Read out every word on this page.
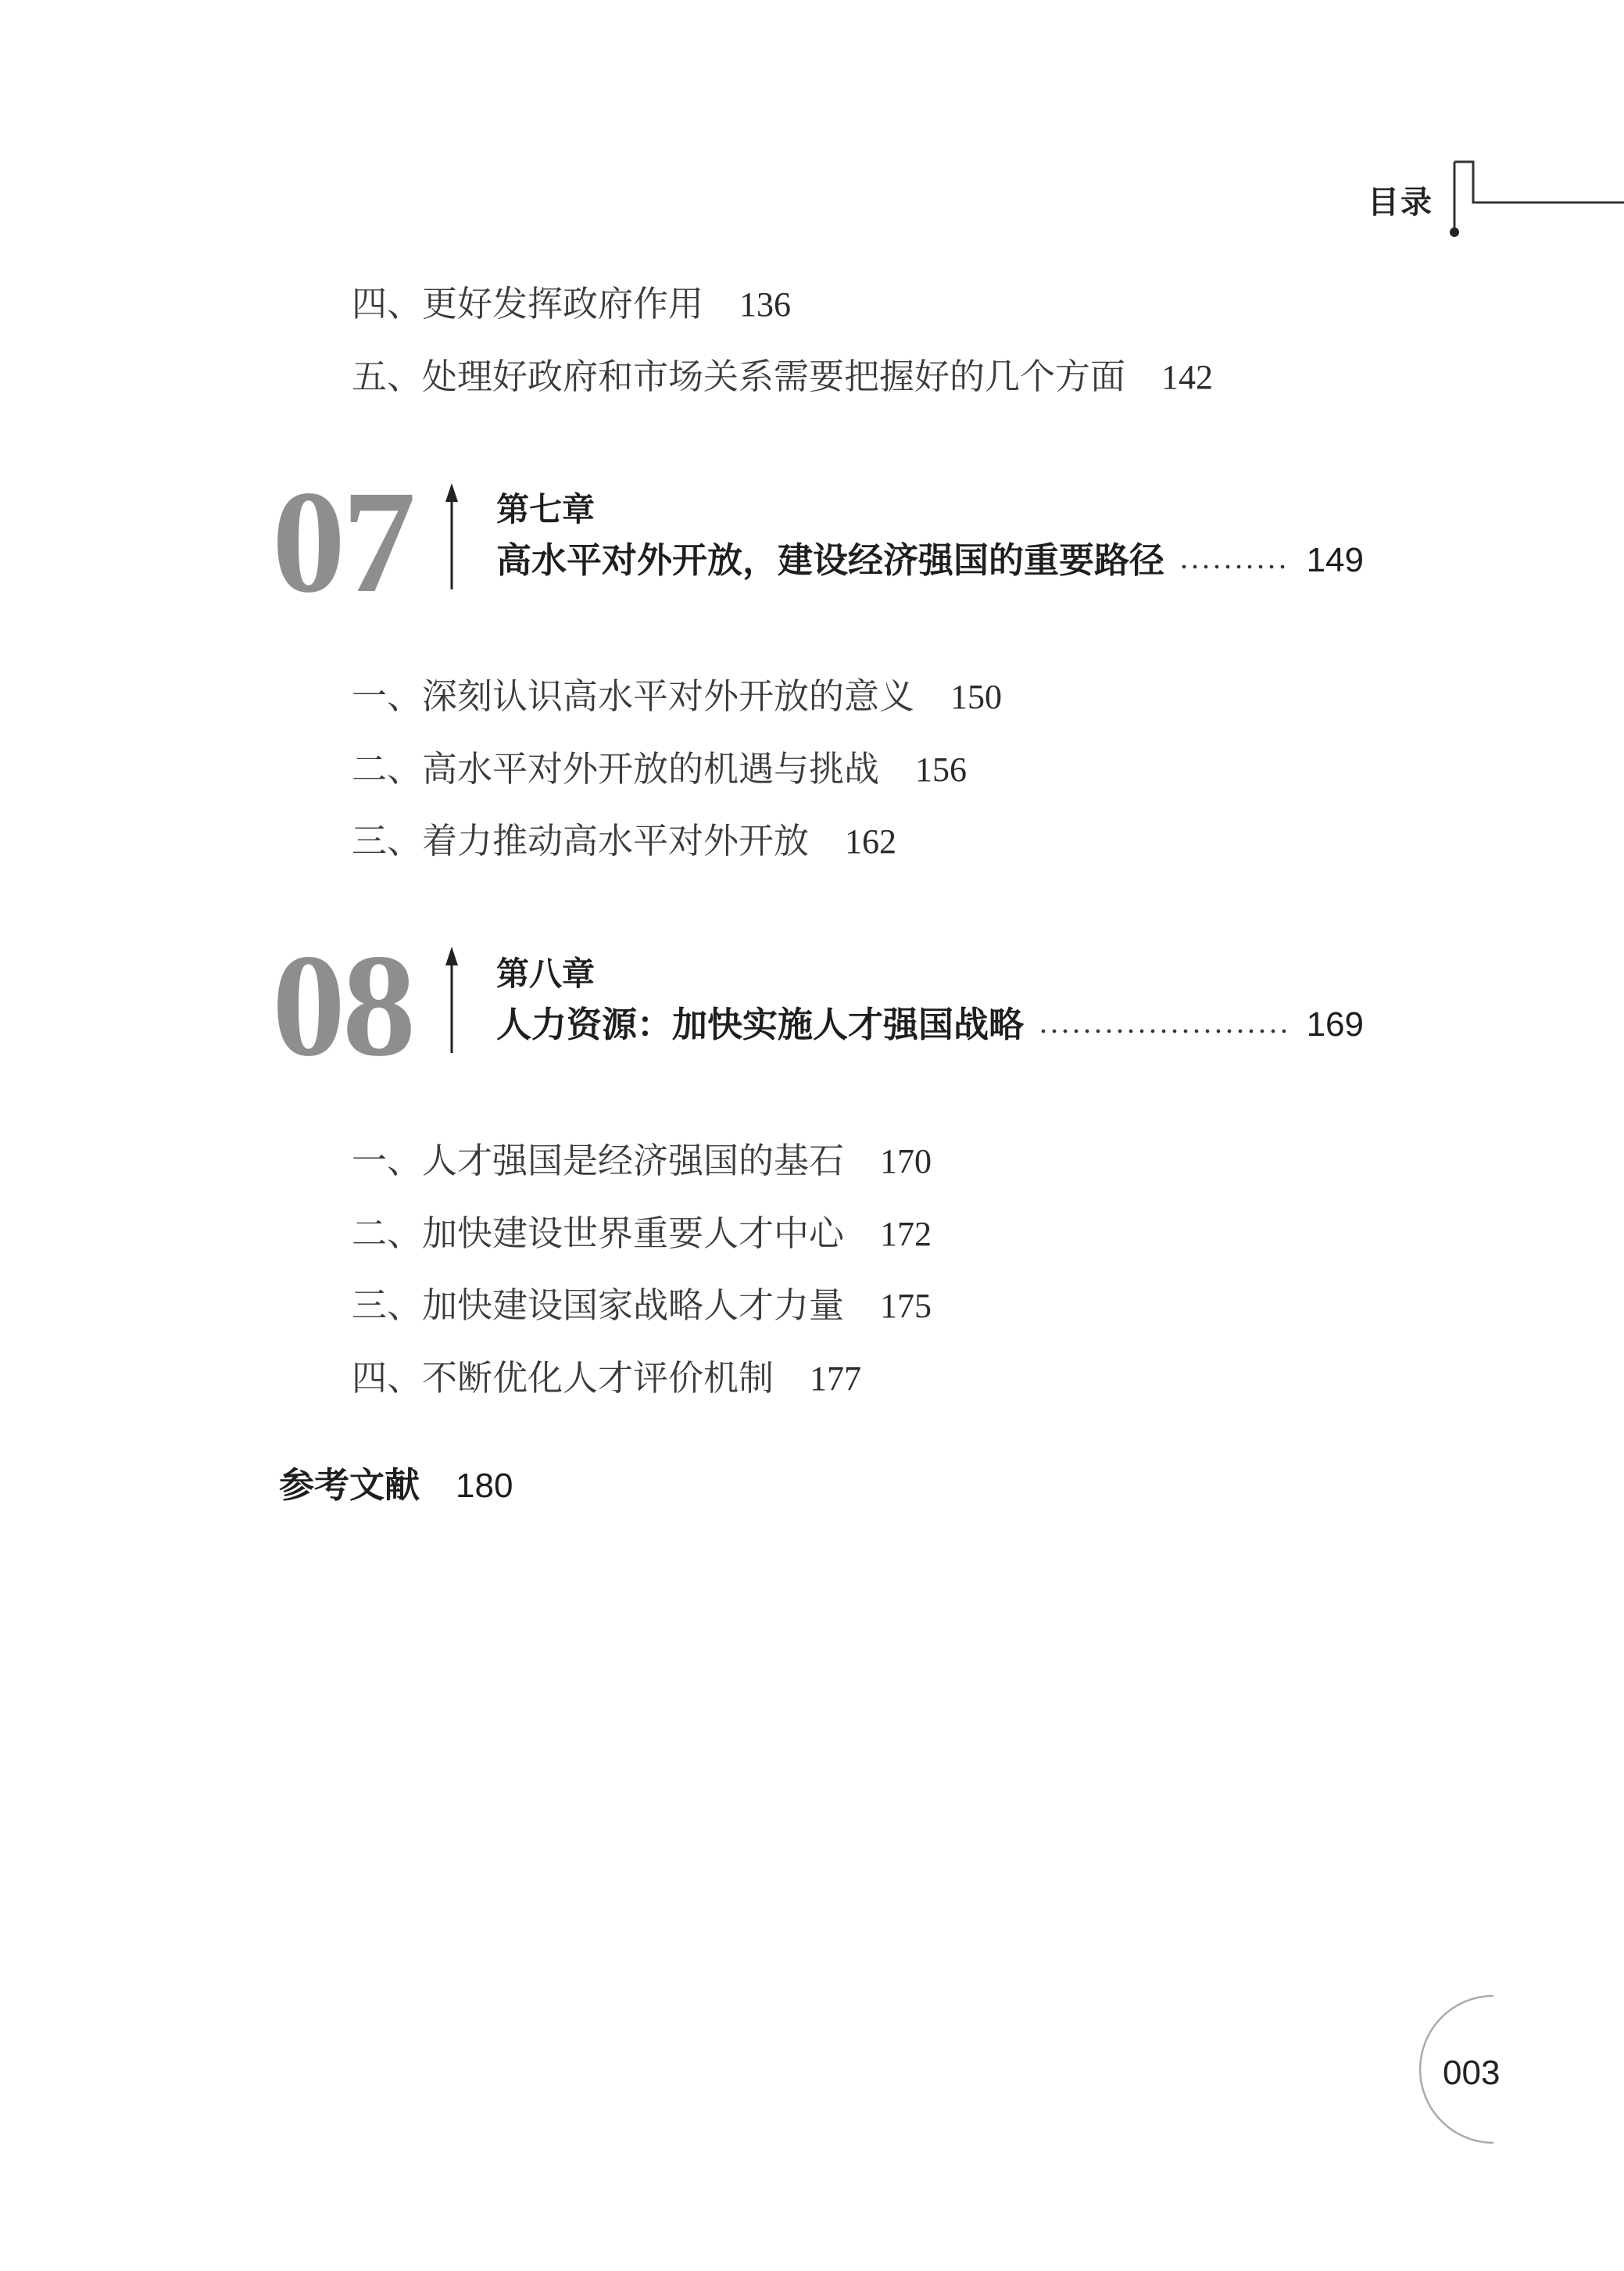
目录
四、更好发挥政府作用 136
五、处理好政府和市场关系需要把握好的几个方面 142
07	第七章
高水平对外开放，建设经济强国的重要路径	149
一、深刻认识高水平对外开放的意义 150
二、高水平对外开放的机遇与挑战 156
三、着力推动高水平对外开放 162
08	第八章
人力资源：加快实施人才强国战略	169
一、人才强国是经济强国的基石 170
二、加快建设世界重要人才中心 172
三、加快建设国家战略人才力量 175
四、不断优化人才评价机制 177
参考文献 180
003
